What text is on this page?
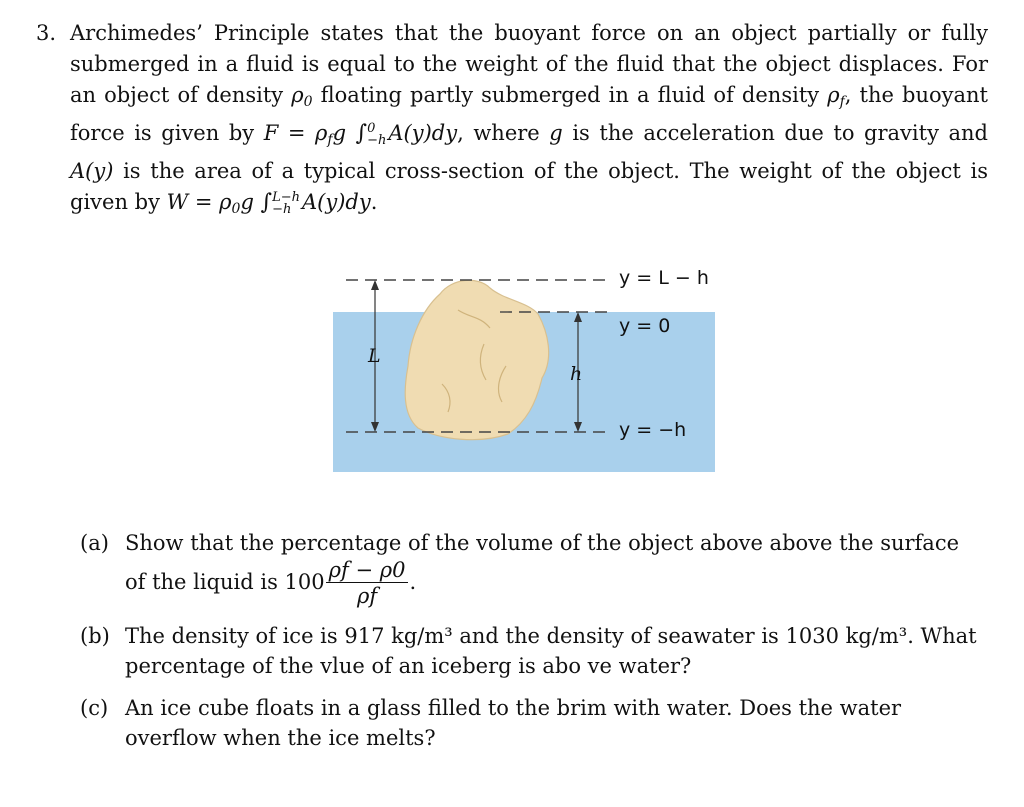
3. Archimedes’ Principle states that the buoyant force on an object partially or fully submerged in a fluid is equal to the weight of the fluid that the object displaces. For an object of density $\rho_0$ floating partly submerged in a fluid of density $\rho_f$, the buoyant force is given by $F = \rho_fg$ ∫ 0
−h A(y)dy, where g is the acceleration due to gravity and A(y) is the area of a typical cross-section of the object. The weight of the object is given by $W = \rho_0g$ ∫ L−h
−h A(y)dy.
L
h
y = L − h
y = 0
y = −h
(a) Show that the percentage of the volume of the object above above the surface of the liquid is $100 \frac{\rho f - \rho 0}{\rho f}$ .
(b) The density of ice is 917 kg/m³ and the density of seawater is 1030 kg/m³. What percentage of the vlue of an iceberg is abo ve water?
(c) An ice cube floats in a glass filled to the brim with water. Does the water overflow when the ice melts?
